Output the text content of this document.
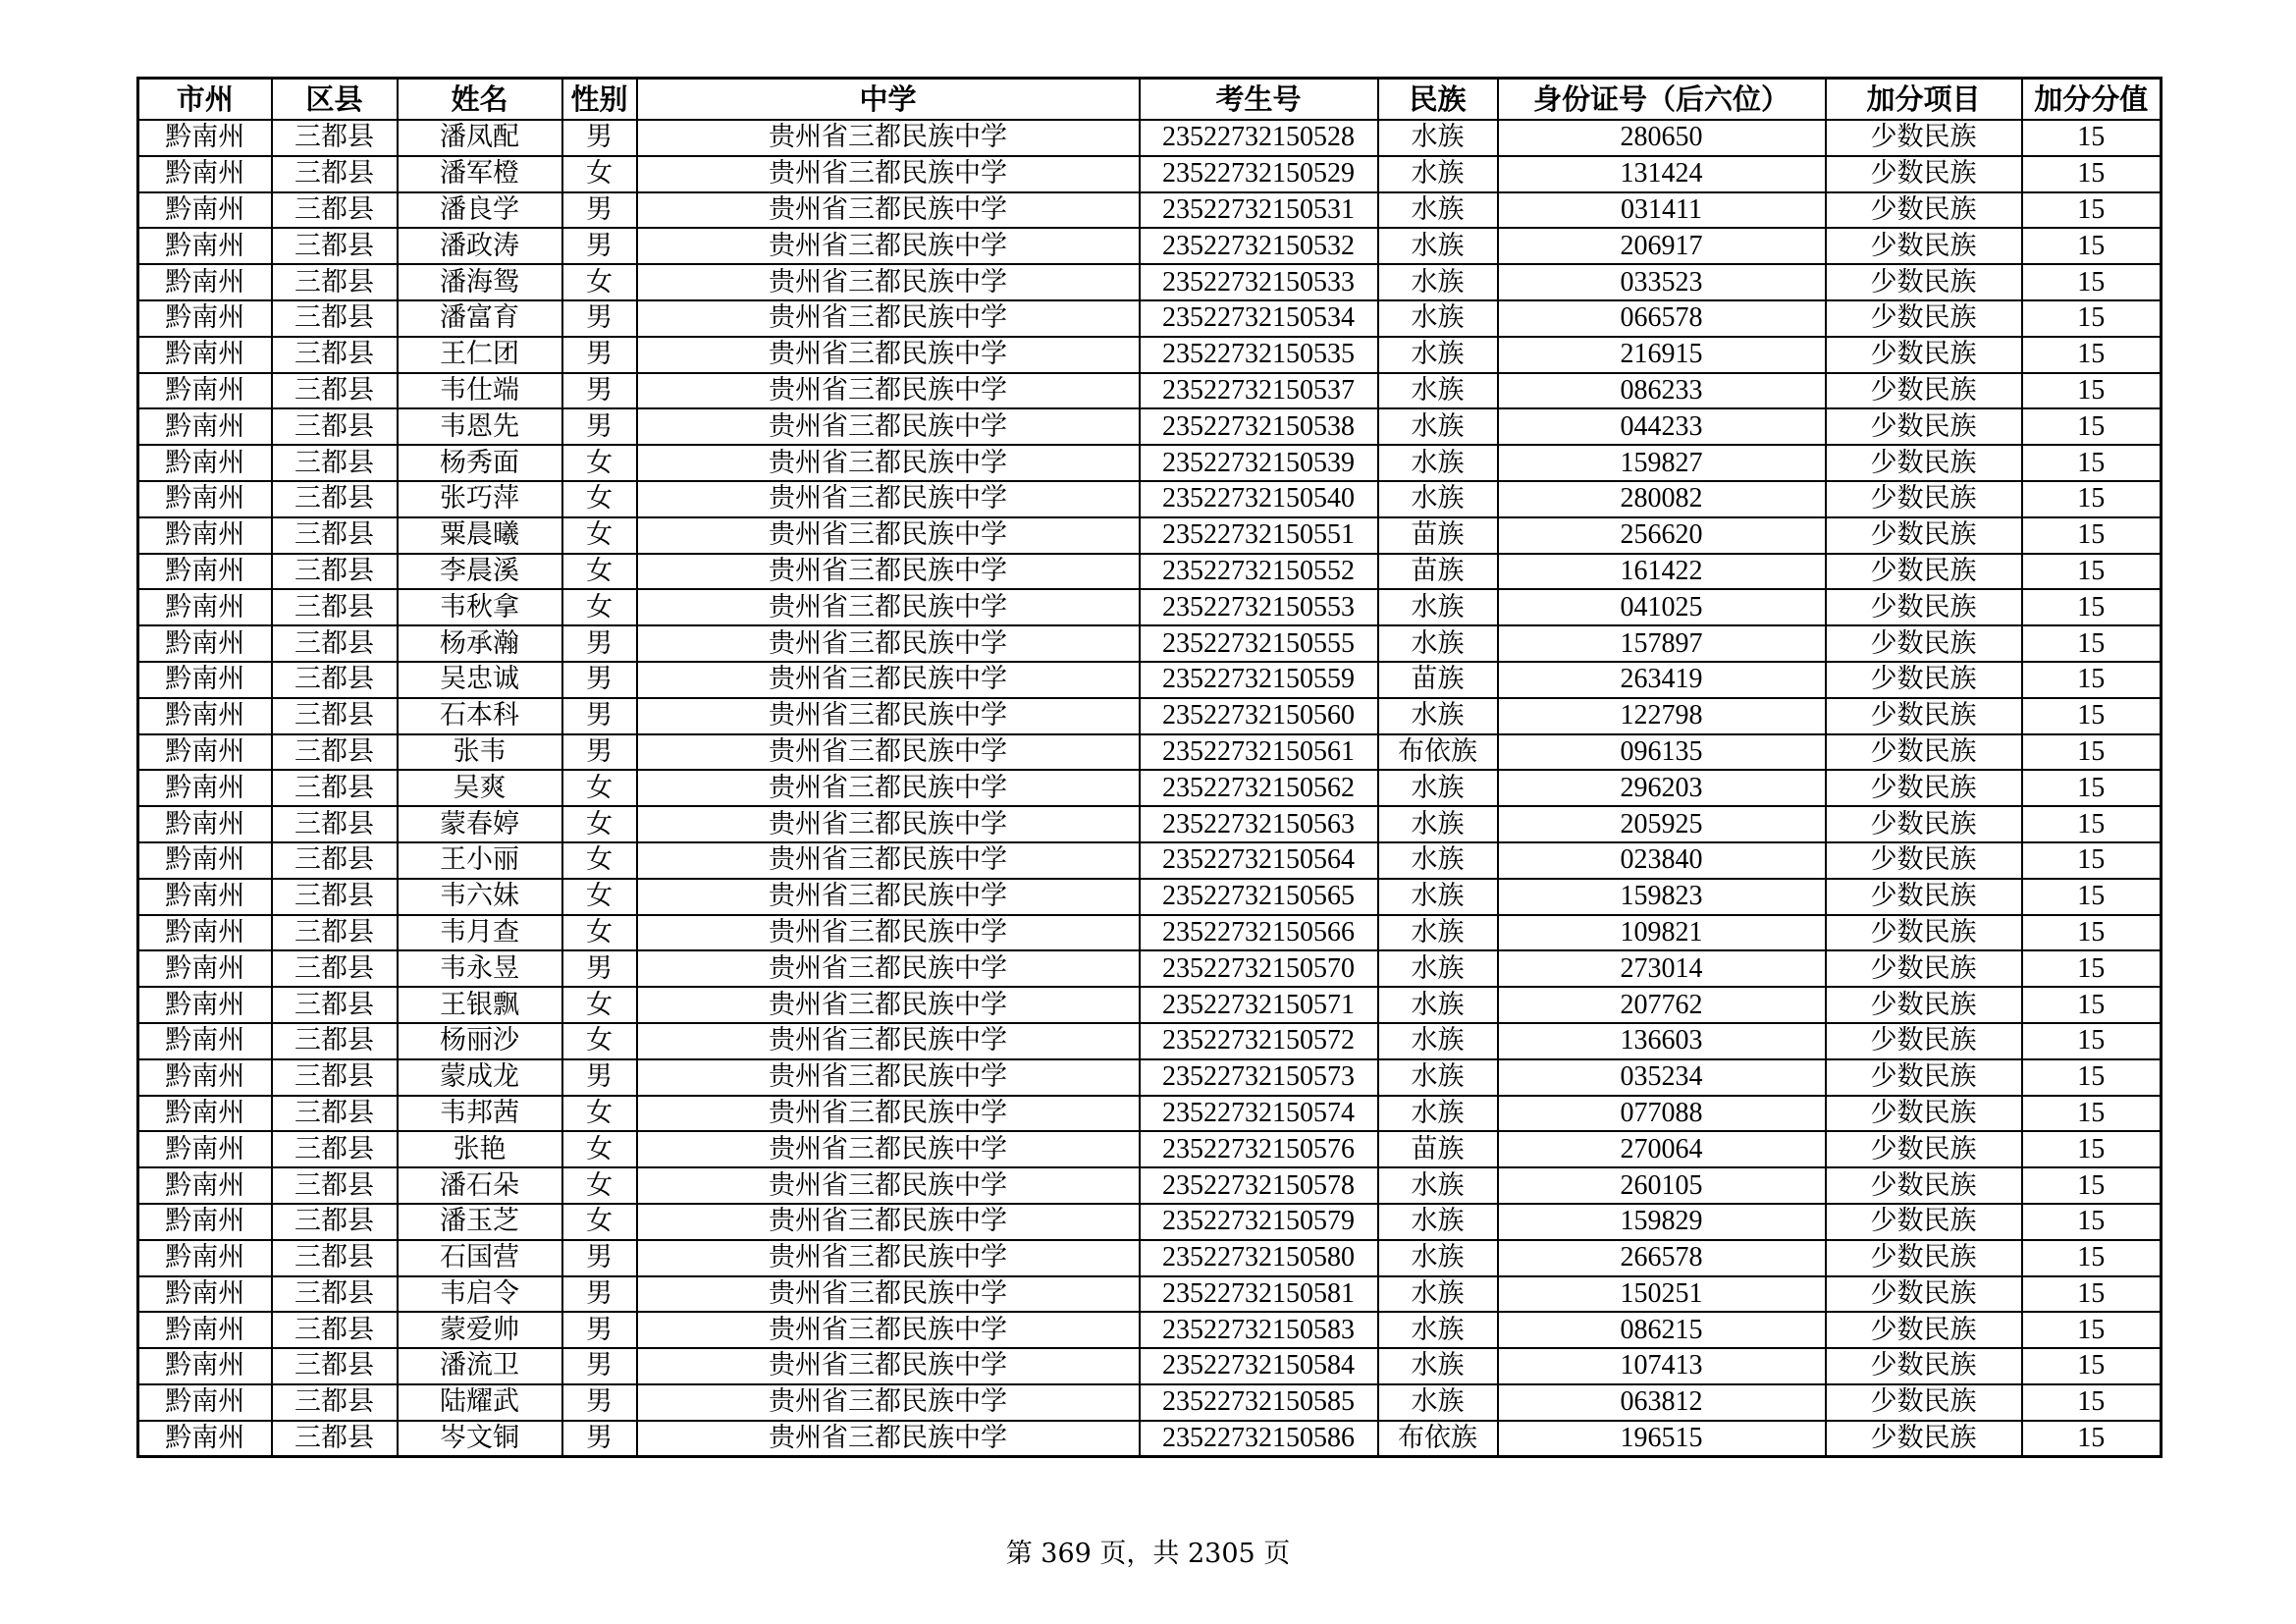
市州	区县	姓名	性别	中学	考生号	民族	身份证号（后六位）	加分项目	加分分值
黔南州	三都县	潘凤配	男	贵州省三都民族中学	23522732150528	水族	280650	少数民族	15
黔南州	三都县	潘军橙	女	贵州省三都民族中学	23522732150529	水族	131424	少数民族	15
黔南州	三都县	潘良学	男	贵州省三都民族中学	23522732150531	水族	031411	少数民族	15
黔南州	三都县	潘政涛	男	贵州省三都民族中学	23522732150532	水族	206917	少数民族	15
黔南州	三都县	潘海鸳	女	贵州省三都民族中学	23522732150533	水族	033523	少数民族	15
黔南州	三都县	潘富育	男	贵州省三都民族中学	23522732150534	水族	066578	少数民族	15
黔南州	三都县	王仁团	男	贵州省三都民族中学	23522732150535	水族	216915	少数民族	15
黔南州	三都县	韦仕端	男	贵州省三都民族中学	23522732150537	水族	086233	少数民族	15
黔南州	三都县	韦恩先	男	贵州省三都民族中学	23522732150538	水族	044233	少数民族	15
黔南州	三都县	杨秀面	女	贵州省三都民族中学	23522732150539	水族	159827	少数民族	15
黔南州	三都县	张巧萍	女	贵州省三都民族中学	23522732150540	水族	280082	少数民族	15
黔南州	三都县	粟晨曦	女	贵州省三都民族中学	23522732150551	苗族	256620	少数民族	15
黔南州	三都县	李晨溪	女	贵州省三都民族中学	23522732150552	苗族	161422	少数民族	15
黔南州	三都县	韦秋拿	女	贵州省三都民族中学	23522732150553	水族	041025	少数民族	15
黔南州	三都县	杨承瀚	男	贵州省三都民族中学	23522732150555	水族	157897	少数民族	15
黔南州	三都县	吴忠诚	男	贵州省三都民族中学	23522732150559	苗族	263419	少数民族	15
黔南州	三都县	石本科	男	贵州省三都民族中学	23522732150560	水族	122798	少数民族	15
黔南州	三都县	张韦	男	贵州省三都民族中学	23522732150561	布依族	096135	少数民族	15
黔南州	三都县	吴爽	女	贵州省三都民族中学	23522732150562	水族	296203	少数民族	15
黔南州	三都县	蒙春婷	女	贵州省三都民族中学	23522732150563	水族	205925	少数民族	15
黔南州	三都县	王小丽	女	贵州省三都民族中学	23522732150564	水族	023840	少数民族	15
黔南州	三都县	韦六妹	女	贵州省三都民族中学	23522732150565	水族	159823	少数民族	15
黔南州	三都县	韦月查	女	贵州省三都民族中学	23522732150566	水族	109821	少数民族	15
黔南州	三都县	韦永昱	男	贵州省三都民族中学	23522732150570	水族	273014	少数民族	15
黔南州	三都县	王银飘	女	贵州省三都民族中学	23522732150571	水族	207762	少数民族	15
黔南州	三都县	杨丽沙	女	贵州省三都民族中学	23522732150572	水族	136603	少数民族	15
黔南州	三都县	蒙成龙	男	贵州省三都民族中学	23522732150573	水族	035234	少数民族	15
黔南州	三都县	韦邦茜	女	贵州省三都民族中学	23522732150574	水族	077088	少数民族	15
黔南州	三都县	张艳	女	贵州省三都民族中学	23522732150576	苗族	270064	少数民族	15
黔南州	三都县	潘石朵	女	贵州省三都民族中学	23522732150578	水族	260105	少数民族	15
黔南州	三都县	潘玉芝	女	贵州省三都民族中学	23522732150579	水族	159829	少数民族	15
黔南州	三都县	石国营	男	贵州省三都民族中学	23522732150580	水族	266578	少数民族	15
黔南州	三都县	韦启令	男	贵州省三都民族中学	23522732150581	水族	150251	少数民族	15
黔南州	三都县	蒙爱帅	男	贵州省三都民族中学	23522732150583	水族	086215	少数民族	15
黔南州	三都县	潘流卫	男	贵州省三都民族中学	23522732150584	水族	107413	少数民族	15
黔南州	三都县	陆耀武	男	贵州省三都民族中学	23522732150585	水族	063812	少数民族	15
黔南州	三都县	岑文铜	男	贵州省三都民族中学	23522732150586	布依族	196515	少数民族	15
第 369 页，共 2305 页
